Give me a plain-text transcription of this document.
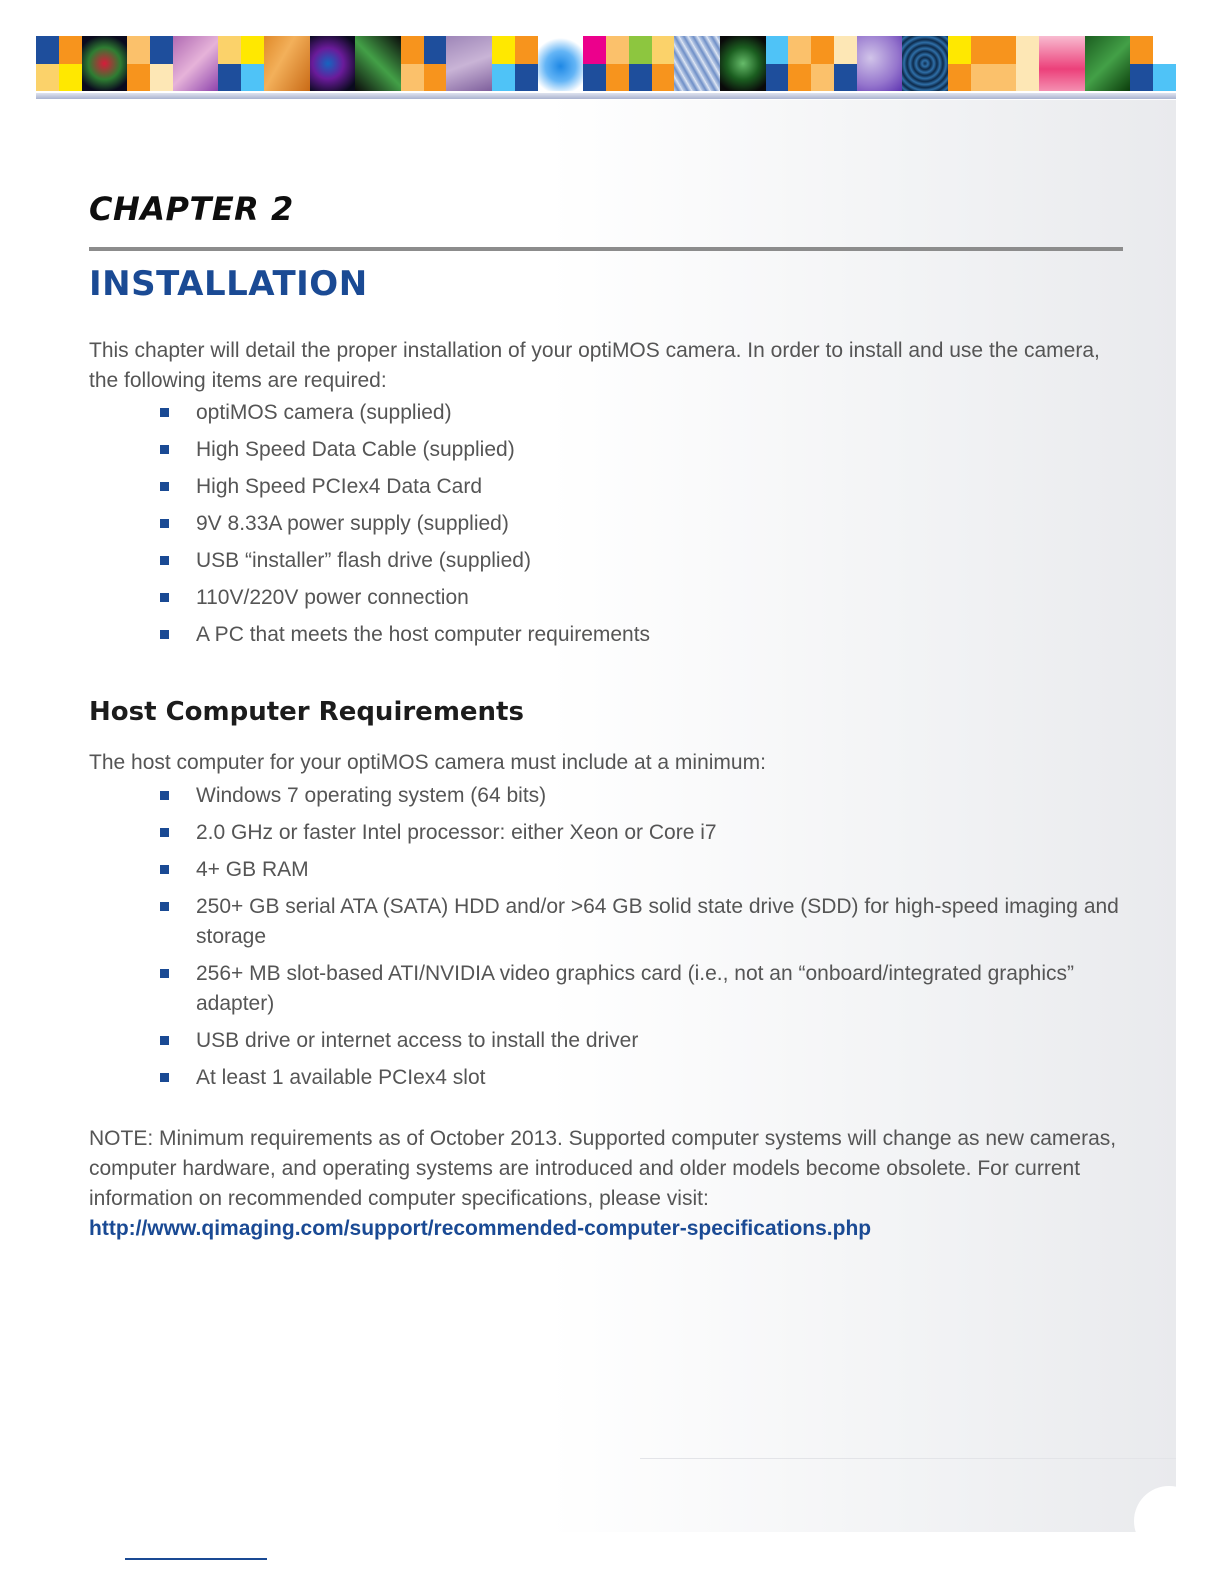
CHAPTER 2
INSTALLATION

This chapter will detail the proper installation of your optiMOS camera. In order to install and use the camera, the following items are required:

optiMOS camera (supplied)
High Speed Data Cable (supplied)
High Speed PCIex4 Data Card
9V 8.33A power supply (supplied)
USB “installer” flash drive (supplied)
110V/220V power connection
A PC that meets the host computer requirements
Host Computer Requirements

The host computer for your optiMOS camera must include at a minimum:

Windows 7 operating system (64 bits)
2.0 GHz or faster Intel processor: either Xeon or Core i7
4+ GB RAM
250+ GB serial ATA (SATA) HDD and/or >64 GB solid state drive (SDD) for high-speed imaging and storage
256+ MB slot-based ATI/NVIDIA video graphics card (i.e., not an “onboard/integrated graphics” adapter)
USB drive or internet access to install the driver
At least 1 available PCIex4 slot

NOTE: Minimum requirements as of October 2013. Supported computer systems will change as new cameras, computer hardware, and operating systems are introduced and older models become obsolete. For current information on recommended computer specifications, please visit: http://www.qimaging.com/support/recommended-computer-specifications.php
